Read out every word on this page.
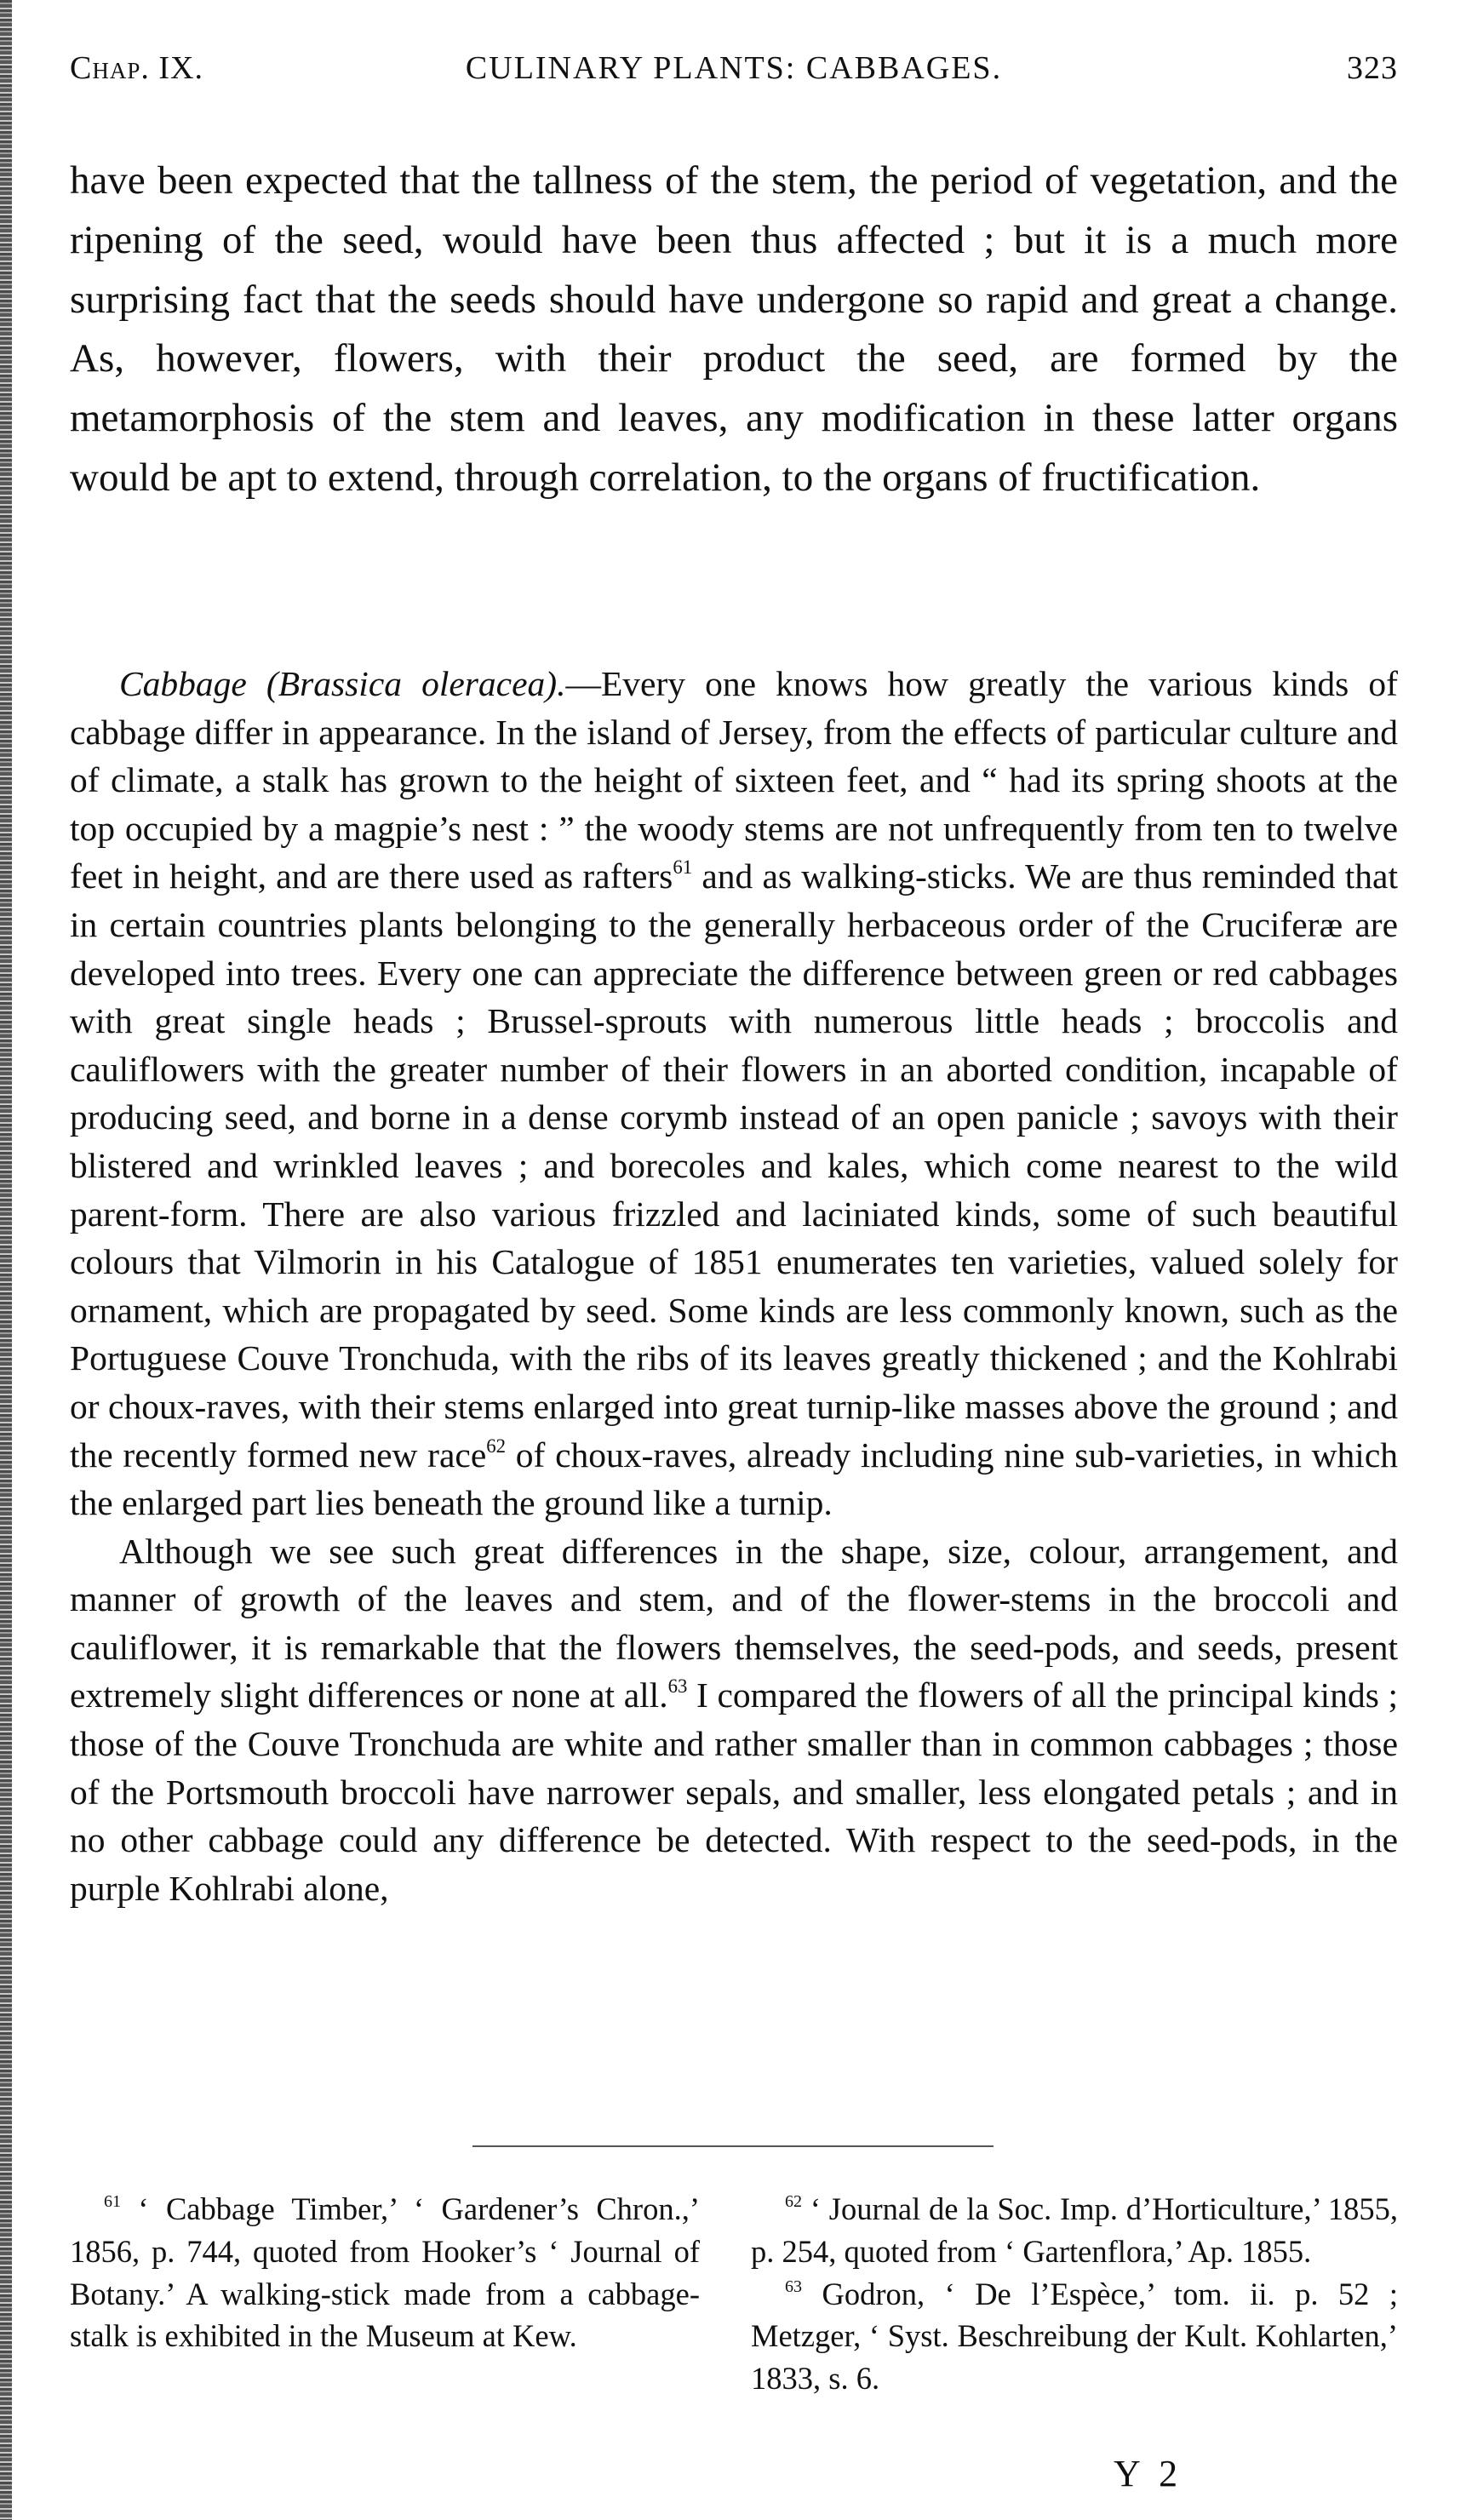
Chap. IX.	CULINARY PLANTS: CABBAGES.	323

have been expected that the tallness of the stem, the period of vegetation, and the ripening of the seed, would have been thus affected ; but it is a much more surprising fact that the seeds should have undergone so rapid and great a change. As, however, flowers, with their product the seed, are formed by the metamorphosis of the stem and leaves, any modification in these latter organs would be apt to extend, through correlation, to the organs of fructification.

Cabbage (Brassica oleracea).—Every one knows how greatly the various kinds of cabbage differ in appearance. In the island of Jersey, from the effects of particular culture and of climate, a stalk has grown to the height of sixteen feet, and “ had its spring shoots at the top occupied by a magpie’s nest : ” the woody stems are not unfrequently from ten to twelve feet in height, and are there used as rafters$^{61}$ and as walking-sticks. We are thus reminded that in certain countries plants belonging to the generally herbaceous order of the Cruciferæ are developed into trees. Every one can appreciate the difference between green or red cabbages with great single heads ; Brussel-sprouts with numerous little heads ; broccolis and cauliflowers with the greater number of their flowers in an aborted condition, incapable of producing seed, and borne in a dense corymb instead of an open panicle ; savoys with their blistered and wrinkled leaves ; and borecoles and kales, which come nearest to the wild parent-form. There are also various frizzled and laciniated kinds, some of such beautiful colours that Vilmorin in his Catalogue of 1851 enumerates ten varieties, valued solely for ornament, which are propagated by seed. Some kinds are less commonly known, such as the Portuguese Couve Tronchuda, with the ribs of its leaves greatly thickened ; and the Kohlrabi or choux-raves, with their stems enlarged into great turnip-like masses above the ground ; and the recently formed new race$^{62}$ of choux-raves, already including nine sub-varieties, in which the enlarged part lies beneath the ground like a turnip.

Although we see such great differences in the shape, size, colour, arrangement, and manner of growth of the leaves and stem, and of the flower-stems in the broccoli and cauliflower, it is remarkable that the flowers themselves, the seed-pods, and seeds, present extremely slight differences or none at all.$^{63}$ I compared the flowers of all the principal kinds ; those of the Couve Tronchuda are white and rather smaller than in common cabbages ; those of the Portsmouth broccoli have narrower sepals, and smaller, less elongated petals ; and in no other cabbage could any difference be detected. With respect to the seed-pods, in the purple Kohlrabi alone,

$^{61}$ ‘ Cabbage Timber,’ ‘ Gardener’s Chron.,’ 1856, p. 744, quoted from Hooker’s ‘ Journal of Botany.’ A walking-stick made from a cabbage-stalk is exhibited in the Museum at Kew.

$^{62}$ ‘ Journal de la Soc. Imp. d’Horticulture,’ 1855, p. 254, quoted from ‘ Gartenflora,’ Ap. 1855.

$^{63}$ Godron, ‘ De l’Espèce,’ tom. ii. p. 52 ; Metzger, ‘ Syst. Beschreibung der Kult. Kohlarten,’ 1833, s. 6.

Y 2
